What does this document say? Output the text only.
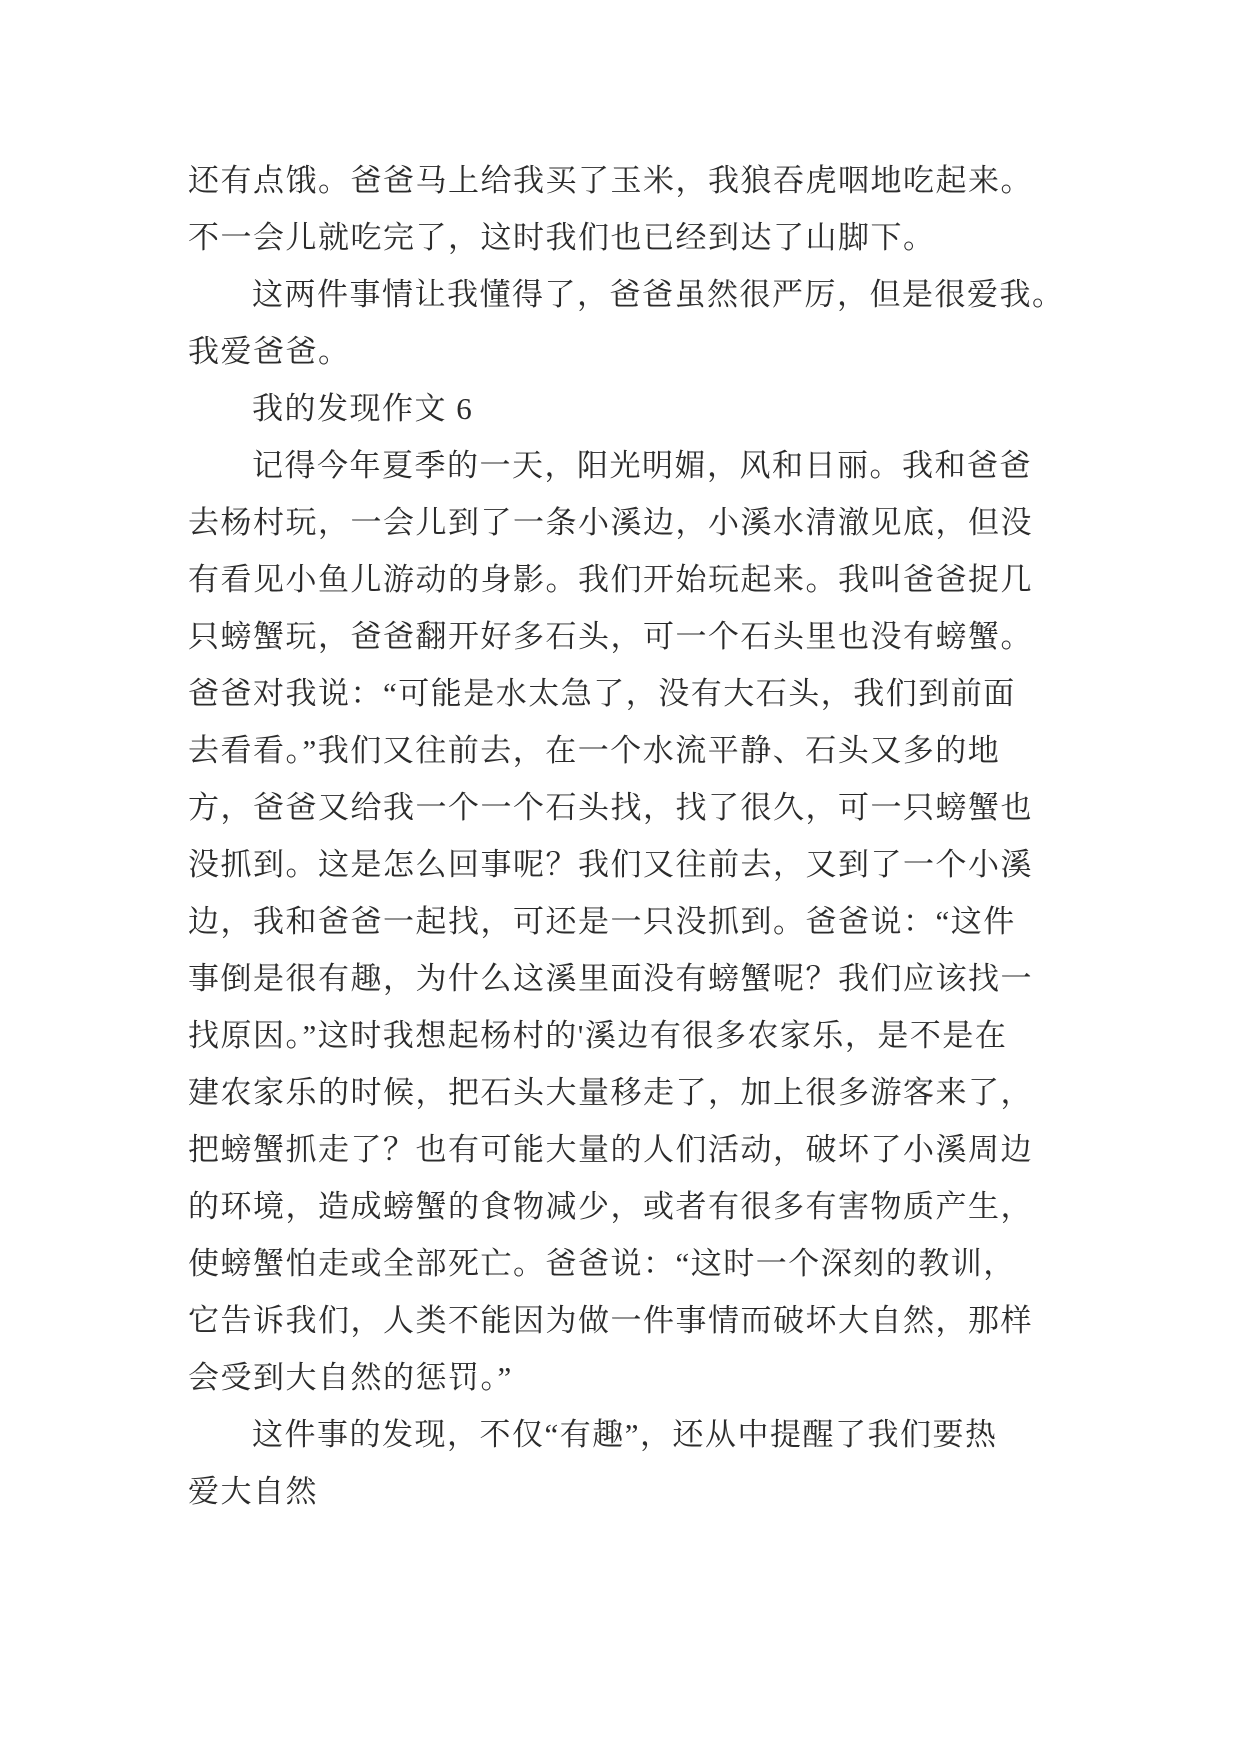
还有点饿。爸爸马上给我买了玉米，我狼吞虎咽地吃起来。
不一会儿就吃完了，这时我们也已经到达了山脚下。
这两件事情让我懂得了，爸爸虽然很严厉，但是很爱我。
我爱爸爸。
我的发现作文 6
记得今年夏季的一天，阳光明媚，风和日丽。我和爸爸
去杨村玩，一会儿到了一条小溪边，小溪水清澈见底，但没
有看见小鱼儿游动的身影。我们开始玩起来。我叫爸爸捉几
只螃蟹玩，爸爸翻开好多石头，可一个石头里也没有螃蟹。
爸爸对我说：“可能是水太急了，没有大石头，我们到前面
去看看。”我们又往前去，在一个水流平静、石头又多的地
方，爸爸又给我一个一个石头找，找了很久，可一只螃蟹也
没抓到。这是怎么回事呢？我们又往前去，又到了一个小溪
边，我和爸爸一起找，可还是一只没抓到。爸爸说：“这件
事倒是很有趣，为什么这溪里面没有螃蟹呢？我们应该找一
找原因。”这时我想起杨村的'溪边有很多农家乐，是不是在
建农家乐的时候，把石头大量移走了，加上很多游客来了，
把螃蟹抓走了？也有可能大量的人们活动，破坏了小溪周边
的环境，造成螃蟹的食物减少，或者有很多有害物质产生，
使螃蟹怕走或全部死亡。爸爸说：“这时一个深刻的教训，
它告诉我们，人类不能因为做一件事情而破坏大自然，那样
会受到大自然的惩罚。”
这件事的发现，不仅“有趣”，还从中提醒了我们要热
爱大自然
